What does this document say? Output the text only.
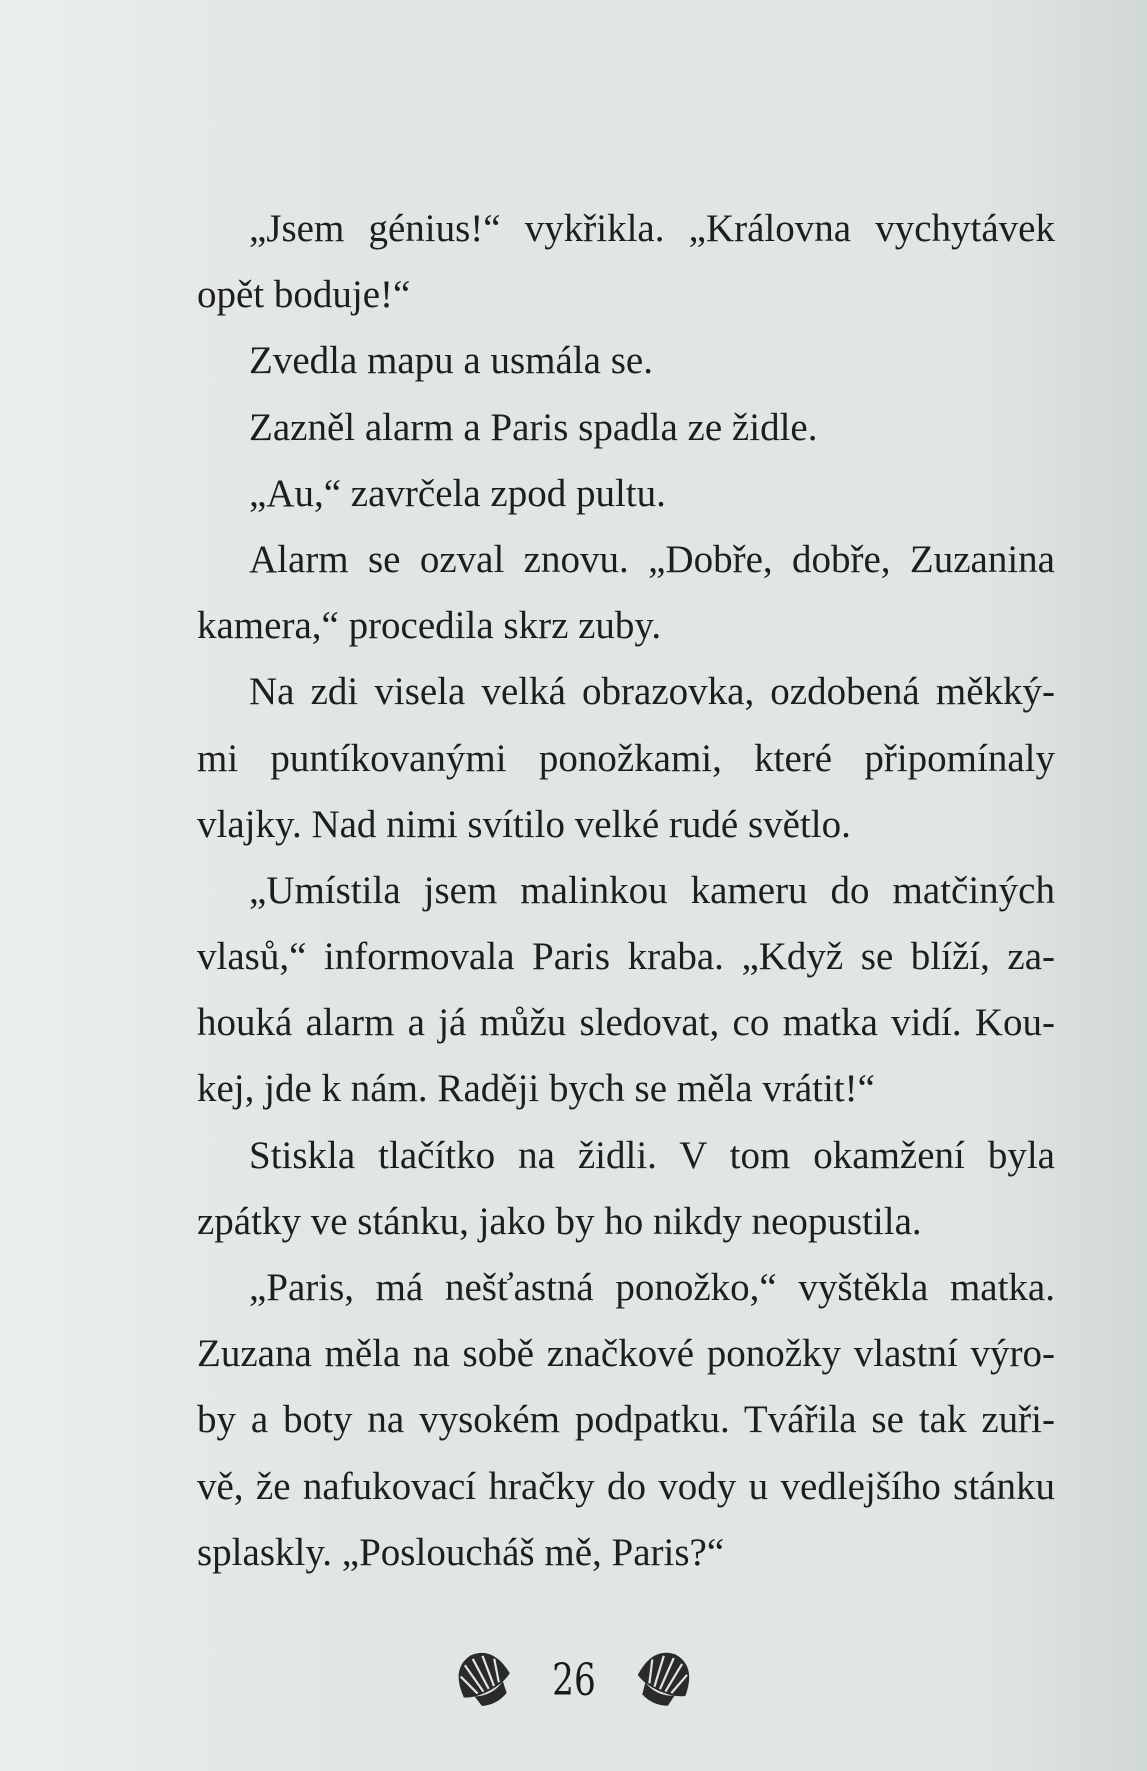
„Jsem génius!“ vykřikla. „Královna vychytávek
opět boduje!“
Zvedla mapu a usmála se.
Zazněl alarm a Paris spadla ze židle.
„Au,“ zavrčela zpod pultu.
Alarm se ozval znovu. „Dobře, dobře, Zuzanina
kamera,“ procedila skrz zuby.
Na zdi visela velká obrazovka, ozdobená měkký-
mi puntíkovanými ponožkami, které připomínaly
vlajky. Nad nimi svítilo velké rudé světlo.
„Umístila jsem malinkou kameru do matčiných
vlasů,“ informovala Paris kraba. „Když se blíží, za-
houká alarm a já můžu sledovat, co matka vidí. Kou-
kej, jde k nám. Raději bych se měla vrátit!“
Stiskla tlačítko na židli. V tom okamžení byla
zpátky ve stánku, jako by ho nikdy neopustila.
„Paris, má nešťastná ponožko,“ vyštěkla matka.
Zuzana měla na sobě značkové ponožky vlastní výro-
by a boty na vysokém podpatku. Tvářila se tak zuři-
vě, že nafukovací hračky do vody u vedlejšího stánku
splaskly. „Posloucháš mě, Paris?“
26
